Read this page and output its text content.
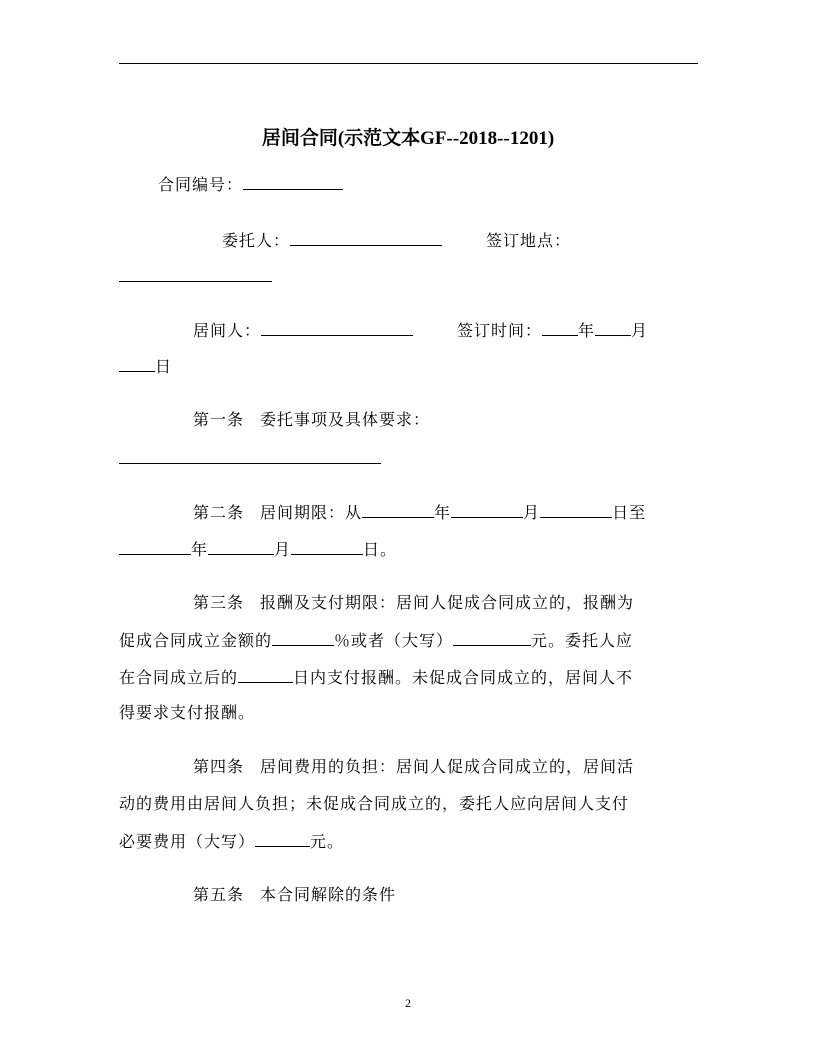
居间合同(示范文本GF--2018--1201)
合同编号：
委托人：	签订地点：
居间人：	签订时间： 年 月
日
第一条 委托事项及具体要求：
第二条 居间期限：从	年	月	日至
年	月	日。
第三条 报酬及支付期限：居间人促成合同成立的，报酬为
促成合同成立金额的	％或者（大写）	元。委托人应
在合同成立后的	日内支付报酬。未促成合同成立的，居间人不
得要求支付报酬。
第四条 居间费用的负担：居间人促成合同成立的，居间活
动的费用由居间人负担；未促成合同成立的，委托人应向居间人支付
必要费用（大写）	元。
第五条 本合同解除的条件
2
